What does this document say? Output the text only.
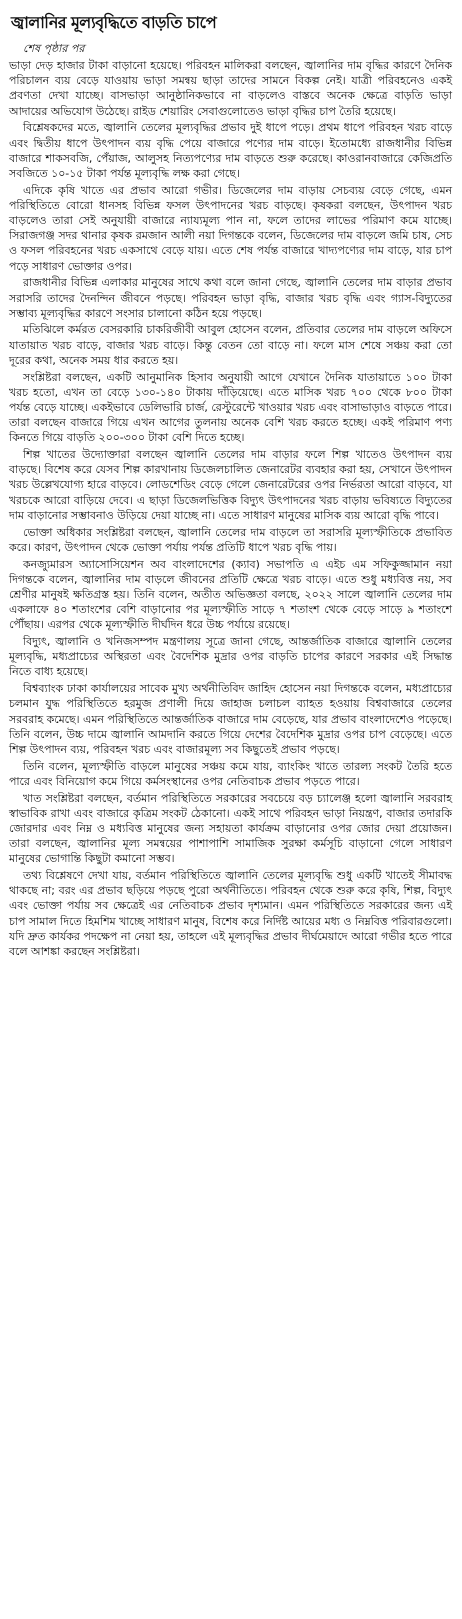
জ্বালানির মূল্যবৃদ্ধিতে বাড়তি চাপে
শেষ পৃষ্ঠার পর

ভাড়া দেড় হাজার টাকা বাড়ানো হয়েছে। পরিবহন মালিকরা বলছেন, জ্বালানির দাম বৃদ্ধির কারণে দৈনিক পরিচালন ব্যয় বেড়ে যাওয়ায় ভাড়া সমন্বয় ছাড়া তাদের সামনে বিকল্প নেই। যাত্রী পরিবহনেও একই প্রবণতা দেখা যাচ্ছে। বাসভাড়া আনুষ্ঠানিকভাবে না বাড়লেও বাস্তবে অনেক ক্ষেত্রে বাড়তি ভাড়া আদায়ের অভিযোগ উঠেছে। রাইড শেয়ারিং সেবাগুলোতেও ভাড়া বৃদ্ধির চাপ তৈরি হয়েছে।

বিশ্লেষকদের মতে, জ্বালানি তেলের মূল্যবৃদ্ধির প্রভাব দুই ধাপে পড়ে। প্রথম ধাপে পরিবহন খরচ বাড়ে এবং দ্বিতীয় ধাপে উৎপাদন ব্যয় বৃদ্ধি পেয়ে বাজারে পণ্যের দাম বাড়ে। ইতোমধ্যে রাজধানীর বিভিন্ন বাজারে শাকসবজি, পেঁয়াজ, আলুসহ নিত্যপণ্যের দাম বাড়তে শুরু করেছে। কাওরানবাজারে কেজিপ্রতি সবজিতে ১০-১৫ টাকা পর্যন্ত মূল্যবৃদ্ধি লক্ষ করা গেছে।

এদিকে কৃষি খাতে এর প্রভাব আরো গভীর। ডিজেলের দাম বাড়ায় সেচব্যয় বেড়ে গেছে, এমন পরিস্থিতিতে বোরো ধানসহ বিভিন্ন ফসল উৎপাদনের খরচ বাড়ছে। কৃষকরা বলছেন, উৎপাদন খরচ বাড়লেও তারা সেই অনুযায়ী বাজারে ন্যায্যমূল্য পান না, ফলে তাদের লাভের পরিমাণ কমে যাচ্ছে। সিরাজগঞ্জ সদর থানার কৃষক রমজান আলী নয়া দিগন্তকে বলেন, ডিজেলের দাম বাড়লে জমি চাষ, সেচ ও ফসল পরিবহনের খরচ একসাথে বেড়ে যায়। এতে শেষ পর্যন্ত বাজারে খাদ্যপণ্যের দাম বাড়ে, যার চাপ পড়ে সাধারণ ভোক্তার ওপর।

রাজধানীর বিভিন্ন এলাকার মানুষের সাথে কথা বলে জানা গেছে, জ্বালানি তেলের দাম বাড়ার প্রভাব সরাসরি তাদের দৈনন্দিন জীবনে পড়ছে। পরিবহন ভাড়া বৃদ্ধি, বাজার খরচ বৃদ্ধি এবং গ্যাস-বিদ্যুতের সম্ভাব্য মূল্যবৃদ্ধির কারণে সংসার চালানো কঠিন হয়ে পড়ছে।

মতিঝিলে কর্মরত বেসরকারি চাকরিজীবী আবুল হোসেন বলেন, প্রতিবার তেলের দাম বাড়লে অফিসে যাতায়াত খরচ বাড়ে, বাজার খরচ বাড়ে। কিন্তু বেতন তো বাড়ে না। ফলে মাস শেষে সঞ্চয় করা তো দূরের কথা, অনেক সময় ধার করতে হয়।

সংশ্লিষ্টরা বলছেন, একটি আনুমানিক হিসাব অনুযায়ী আগে যেখানে দৈনিক যাতায়াতে ১০০ টাকা খরচ হতো, এখন তা বেড়ে ১৩০-১৪০ টাকায় দাঁড়িয়েছে। এতে মাসিক খরচ ৭০০ থেকে ৮০০ টাকা পর্যন্ত বেড়ে যাচ্ছে। একইভাবে ডেলিভারি চার্জ, রেস্টুরেন্টে খাওয়ার খরচ এবং বাসাভাড়াও বাড়তে পারে। তারা বলছেন বাজারে গিয়ে এখন আগের তুলনায় অনেক বেশি খরচ করতে হচ্ছে। একই পরিমাণ পণ্য কিনতে গিয়ে বাড়তি ২০০-৩০০ টাকা বেশি দিতে হচ্ছে।

শিল্প খাতের উদ্যোক্তারা বলছেন জ্বালানি তেলের দাম বাড়ার ফলে শিল্প খাতেও উৎপাদন ব্যয় বাড়ছে। বিশেষ করে যেসব শিল্প কারখানায় ডিজেলচালিত জেনারেটর ব্যবহার করা হয়, সেখানে উৎপাদন খরচ উল্লেখযোগ্য হারে বাড়বে। লোডশেডিং বেড়ে গেলে জেনারেটরের ওপর নির্ভরতা আরো বাড়বে, যা খরচকে আরো বাড়িয়ে দেবে। এ ছাড়া ডিজেলভিত্তিক বিদ্যুৎ উৎপাদনের খরচ বাড়ায় ভবিষ্যতে বিদ্যুতের দাম বাড়ানোর সম্ভাবনাও উড়িয়ে দেয়া যাচ্ছে না। এতে সাধারণ মানুষের মাসিক ব্যয় আরো বৃদ্ধি পাবে।

ভোক্তা অধিকার সংশ্লিষ্টরা বলছেন, জ্বালানি তেলের দাম বাড়লে তা সরাসরি মূল্যস্ফীতিকে প্রভাবিত করে। কারণ, উৎপাদন থেকে ভোক্তা পর্যায় পর্যন্ত প্রতিটি ধাপে খরচ বৃদ্ধি পায়।

কনজ্যুমারস অ্যাসোসিয়েশন অব বাংলাদেশের (ক্যাব) সভাপতি এ এইচ এম সফিকুজ্জামান নয়া দিগন্তকে বলেন, জ্বালানির দাম বাড়লে জীবনের প্রতিটি ক্ষেত্রে খরচ বাড়ে। এতে শুধু মধ্যবিত্ত নয়, সব শ্রেণীর মানুষই ক্ষতিগ্রস্ত হয়। তিনি বলেন, অতীত অভিজ্ঞতা বলছে, ২০২২ সালে জ্বালানি তেলের দাম একলাফে ৪০ শতাংশের বেশি বাড়ানোর পর মূল্যস্ফীতি সাড়ে ৭ শতাংশ থেকে বেড়ে সাড়ে ৯ শতাংশে পৌঁছায়। এরপর থেকে মূল্যস্ফীতি দীর্ঘদিন ধরে উচ্চ পর্যায়ে রয়েছে।

বিদ্যুৎ, জ্বালানি ও খনিজসম্পদ মন্ত্রণালয় সূত্রে জানা গেছে, আন্তর্জাতিক বাজারে জ্বালানি তেলের মূল্যবৃদ্ধি, মধ্যপ্রাচ্যের অস্থিরতা এবং বৈদেশিক মুদ্রার ওপর বাড়তি চাপের কারণে সরকার এই সিদ্ধান্ত নিতে বাধ্য হয়েছে।

বিশ্বব্যাংক ঢাকা কার্যালয়ের সাবেক মুখ্য অর্থনীতিবিদ জাহিদ হোসেন নয়া দিগন্তকে বলেন, মধ্যপ্রাচ্যের চলমান যুদ্ধ পরিস্থিতিতে হরমুজ প্রণালী দিয়ে জাহাজ চলাচল ব্যাহত হওয়ায় বিশ্ববাজারে তেলের সরবরাহ কমেছে। এমন পরিস্থিতিতে আন্তর্জাতিক বাজারে দাম বেড়েছে, যার প্রভাব বাংলাদেশেও পড়েছে। তিনি বলেন, উচ্চ দামে জ্বালানি আমদানি করতে গিয়ে দেশের বৈদেশিক মুদ্রার ওপর চাপ বেড়েছে। এতে শিল্প উৎপাদন ব্যয়, পরিবহন খরচ এবং বাজারমূল্য সব কিছুতেই প্রভাব পড়ছে।

তিনি বলেন, মূল্যস্ফীতি বাড়লে মানুষের সঞ্চয় কমে যায়, ব্যাংকিং খাতে তারল্য সংকট তৈরি হতে পারে এবং বিনিয়োগ কমে গিয়ে কর্মসংস্থানের ওপর নেতিবাচক প্রভাব পড়তে পারে।

খাত সংশ্লিষ্টরা বলছেন, বর্তমান পরিস্থিতিতে সরকারের সবচেয়ে বড় চ্যালেঞ্জ হলো জ্বালানি সরবরাহ স্বাভাবিক রাখা এবং বাজারে কৃত্রিম সংকট ঠেকানো। একই সাথে পরিবহন ভাড়া নিয়ন্ত্রণ, বাজার তদারকি জোরদার এবং নিম্ন ও মধ্যবিত্ত মানুষের জন্য সহায়তা কার্যক্রম বাড়ানোর ওপর জোর দেয়া প্রয়োজন। তারা বলছেন, জ্বালানির মূল্য সমন্বয়ের পাশাপাশি সামাজিক সুরক্ষা কর্মসূচি বাড়ানো গেলে সাধারণ মানুষের ভোগান্তি কিছুটা কমানো সম্ভব।

তথ্য বিশ্লেষণে দেখা যায়, বর্তমান পরিস্থিতিতে জ্বালানি তেলের মূল্যবৃদ্ধি শুধু একটি খাতেই সীমাবদ্ধ থাকছে না; বরং এর প্রভাব ছড়িয়ে পড়ছে পুরো অর্থনীতিতে। পরিবহন থেকে শুরু করে কৃষি, শিল্প, বিদ্যুৎ এবং ভোক্তা পর্যায় সব ক্ষেত্রেই এর নেতিবাচক প্রভাব দৃশ্যমান। এমন পরিস্থিতিতে সরকারের জন্য এই চাপ সামাল দিতে হিমশিম খাচ্ছে সাধারণ মানুষ, বিশেষ করে নির্দিষ্ট আয়ের মধ্য ও নিম্নবিত্ত পরিবারগুলো। যদি দ্রুত কার্যকর পদক্ষেপ না নেয়া হয়, তাহলে এই মূল্যবৃদ্ধির প্রভাব দীর্ঘমেয়াদে আরো গভীর হতে পারে বলে আশঙ্কা করছেন সংশ্লিষ্টরা।
